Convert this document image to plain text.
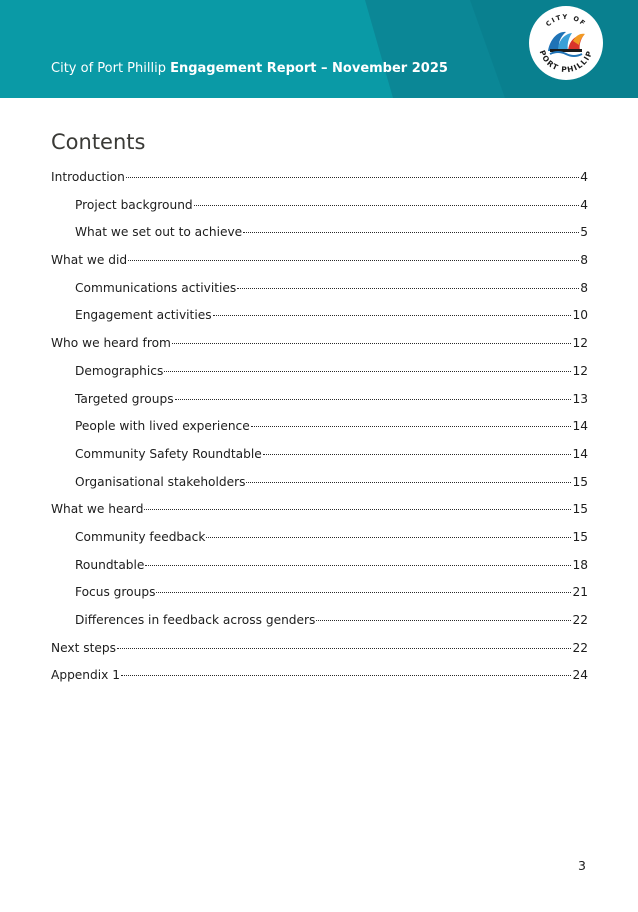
City of Port Phillip Engagement Report – November 2025

CITY OF
PORT PHILLIP
Contents
Introduction	4
Project background	4
What we set out to achieve	5
What we did	8
Communications activities	8
Engagement activities	10
Who we heard from	12
Demographics	12
Targeted groups	13
People with lived experience	14
Community Safety Roundtable	14
Organisational stakeholders	15
What we heard	15
Community feedback	15
Roundtable	18
Focus groups	21
Differences in feedback across genders	22
Next steps	22
Appendix 1	24

3
